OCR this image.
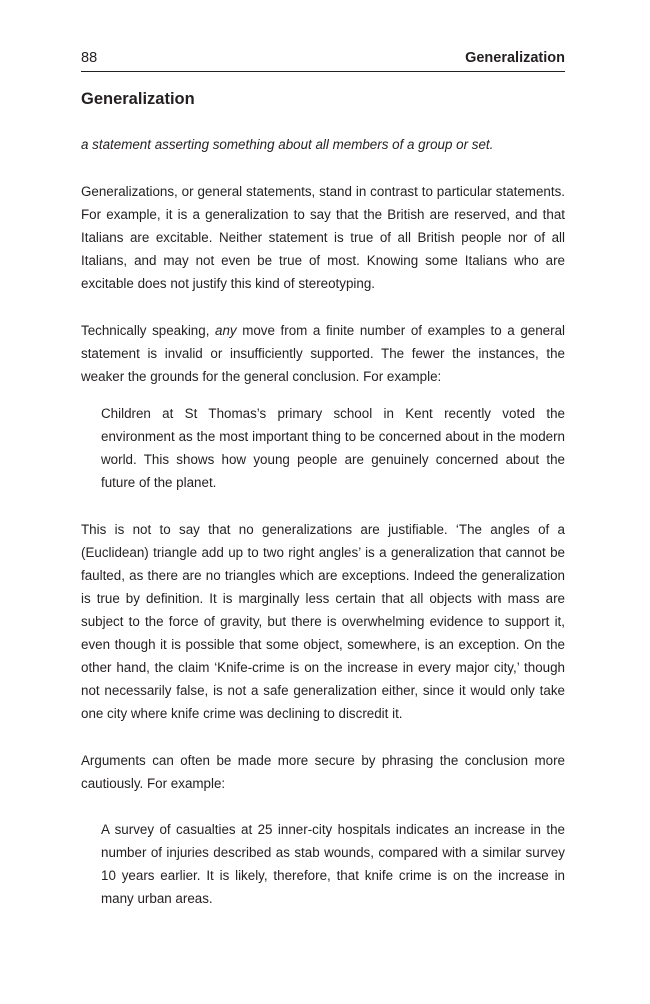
88	Generalization
Generalization

a statement asserting something about all members of a group or set.

Generalizations, or general statements, stand in contrast to particular statements. For example, it is a generalization to say that the British are reserved, and that Italians are excitable. Neither statement is true of all British people nor of all Italians, and may not even be true of most. Knowing some Italians who are excitable does not justify this kind of stereotyping.

Technically speaking, any move from a finite number of examples to a general statement is invalid or insufficiently supported. The fewer the instances, the weaker the grounds for the general conclusion. For example:

Children at St Thomas’s primary school in Kent recently voted the environment as the most important thing to be concerned about in the modern world. This shows how young people are genuinely concerned about the future of the planet.

This is not to say that no generalizations are justifiable. ‘The angles of a (Euclidean) triangle add up to two right angles’ is a generalization that cannot be faulted, as there are no triangles which are exceptions. Indeed the generalization is true by definition. It is marginally less certain that all objects with mass are subject to the force of gravity, but there is overwhelming evidence to support it, even though it is possible that some object, somewhere, is an exception. On the other hand, the claim ‘Knife-crime is on the increase in every major city,’ though not necessarily false, is not a safe generalization either, since it would only take one city where knife crime was declining to discredit it.

Arguments can often be made more secure by phrasing the conclusion more cautiously. For example:

A survey of casualties at 25 inner-city hospitals indicates an increase in the number of injuries described as stab wounds, compared with a similar survey 10 years earlier. It is likely, therefore, that knife crime is on the increase in many urban areas.
